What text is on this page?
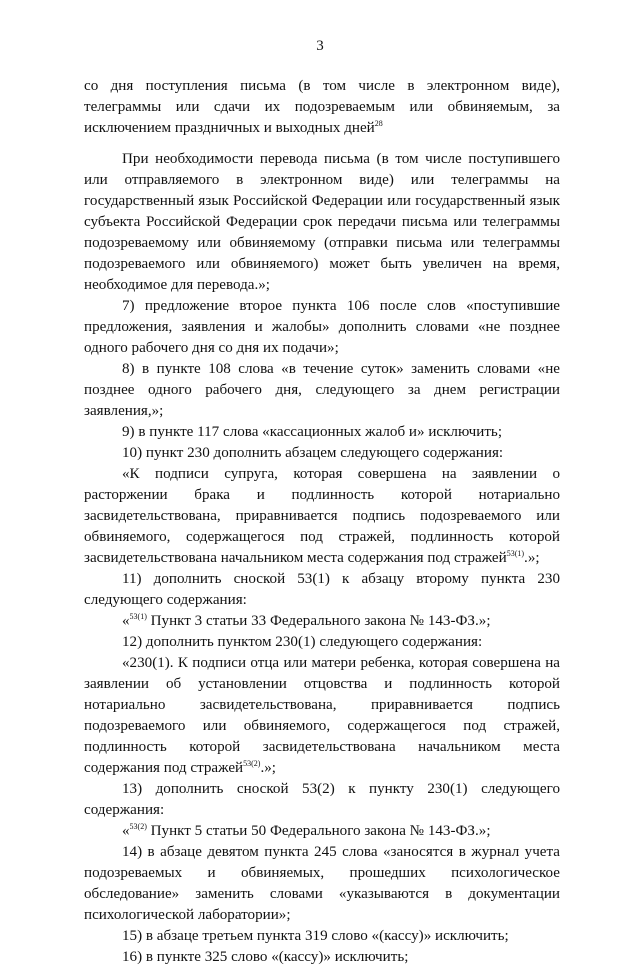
3

со дня поступления письма (в том числе в электронном виде), телеграммы или сдачи их подозреваемым или обвиняемым, за исключением праздничных и выходных дней$^{28}$

При необходимости перевода письма (в том числе поступившего или отправляемого в электронном виде) или телеграммы на государственный язык Российской Федерации или государственный язык субъекта Российской Федерации срок передачи письма или телеграммы подозреваемому или обвиняемому (отправки письма или телеграммы подозреваемого или обвиняемого) может быть увеличен на время, необходимое для перевода.»;

7) предложение второе пункта 106 после слов «поступившие предложения, заявления и жалобы» дополнить словами «не позднее одного рабочего дня со дня их подачи»;

8) в пункте 108 слова «в течение суток» заменить словами «не позднее одного рабочего дня, следующего за днем регистрации заявления,»;

9) в пункте 117 слова «кассационных жалоб и» исключить;

10) пункт 230 дополнить абзацем следующего содержания:

«К подписи супруга, которая совершена на заявлении о расторжении брака и подлинность которой нотариально засвидетельствована, приравнивается подпись подозреваемого или обвиняемого, содержащегося под стражей, подлинность которой засвидетельствована начальником места содержания под стражей$^{53(1)}$.»;

11) дополнить сноской 53(1) к абзацу второму пункта 230 следующего содержания:

«$^{53(1)}$ Пункт 3 статьи 33 Федерального закона № 143-ФЗ.»;

12) дополнить пунктом 230(1) следующего содержания:

«230(1). К подписи отца или матери ребенка, которая совершена на заявлении об установлении отцовства и подлинность которой нотариально засвидетельствована, приравнивается подпись подозреваемого или обвиняемого, содержащегося под стражей, подлинность которой засвидетельствована начальником места содержания под стражей$^{53(2)}$.»;

13) дополнить сноской 53(2) к пункту 230(1) следующего содержания:

«$^{53(2)}$ Пункт 5 статьи 50 Федерального закона № 143-ФЗ.»;

14) в абзаце девятом пункта 245 слова «заносятся в журнал учета подозреваемых и обвиняемых, прошедших психологическое обследование» заменить словами «указываются в документации психологической лаборатории»;

15) в абзаце третьем пункта 319 слово «(кассу)» исключить;

16) в пункте 325 слово «(кассу)» исключить;
